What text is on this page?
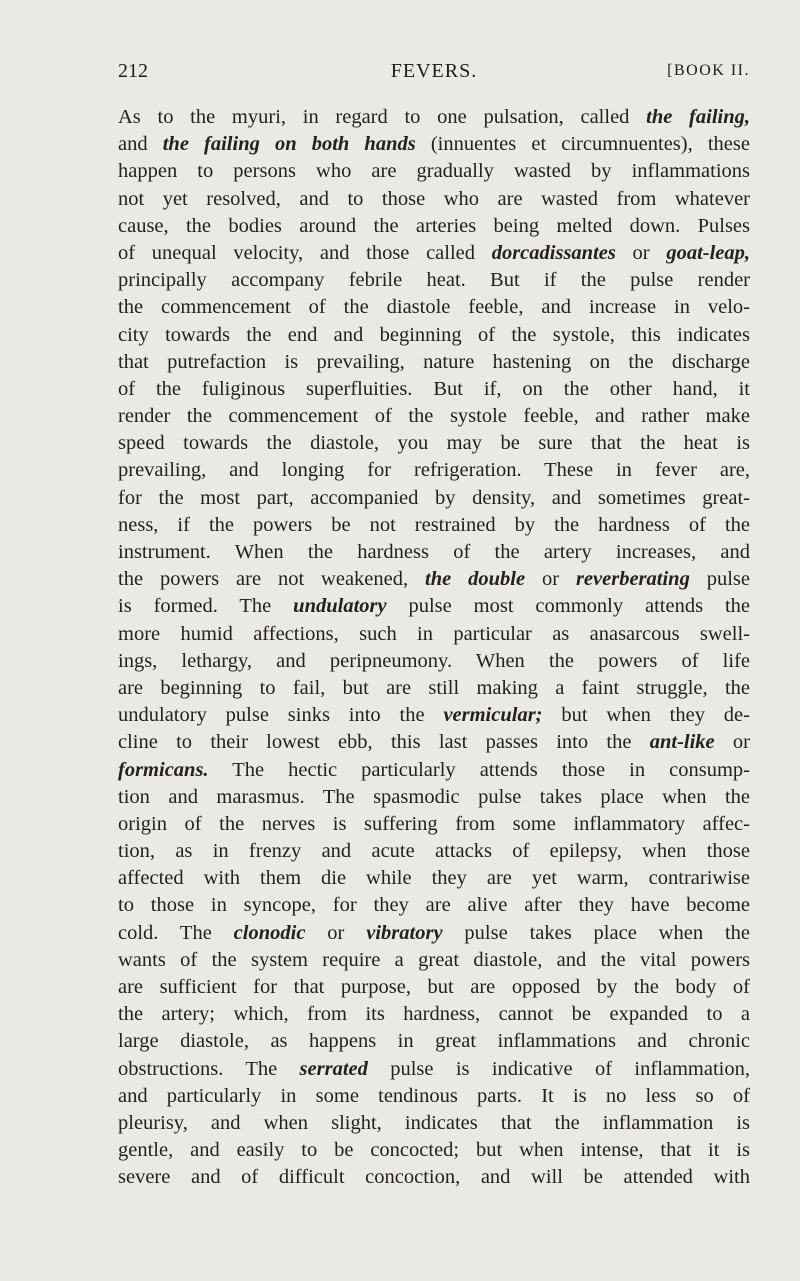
212	FEVERS.	[BOOK II.
As to the myuri, in regard to one pulsation, called the failing,
and the failing on both hands (innuentes et circumnuentes), these
happen to persons who are gradually wasted by inflammations
not yet resolved, and to those who are wasted from whatever
cause, the bodies around the arteries being melted down. Pulses
of unequal velocity, and those called dorcadissantes or goat-leap,
principally accompany febrile heat. But if the pulse render
the commencement of the diastole feeble, and increase in velo-
city towards the end and beginning of the systole, this indicates
that putrefaction is prevailing, nature hastening on the discharge
of the fuliginous superfluities. But if, on the other hand, it
render the commencement of the systole feeble, and rather make
speed towards the diastole, you may be sure that the heat is
prevailing, and longing for refrigeration. These in fever are,
for the most part, accompanied by density, and sometimes great-
ness, if the powers be not restrained by the hardness of the
instrument. When the hardness of the artery increases, and
the powers are not weakened, the double or reverberating pulse
is formed. The undulatory pulse most commonly attends the
more humid affections, such in particular as anasarcous swell-
ings, lethargy, and peripneumony. When the powers of life
are beginning to fail, but are still making a faint struggle, the
undulatory pulse sinks into the vermicular; but when they de-
cline to their lowest ebb, this last passes into the ant-like or
formicans. The hectic particularly attends those in consump-
tion and marasmus. The spasmodic pulse takes place when the
origin of the nerves is suffering from some inflammatory affec-
tion, as in frenzy and acute attacks of epilepsy, when those
affected with them die while they are yet warm, contrariwise
to those in syncope, for they are alive after they have become
cold. The clonodic or vibratory pulse takes place when the
wants of the system require a great diastole, and the vital powers
are sufficient for that purpose, but are opposed by the body of
the artery; which, from its hardness, cannot be expanded to a
large diastole, as happens in great inflammations and chronic
obstructions. The serrated pulse is indicative of inflammation,
and particularly in some tendinous parts. It is no less so of
pleurisy, and when slight, indicates that the inflammation is
gentle, and easily to be concocted; but when intense, that it is
severe and of difficult concoction, and will be attended with
